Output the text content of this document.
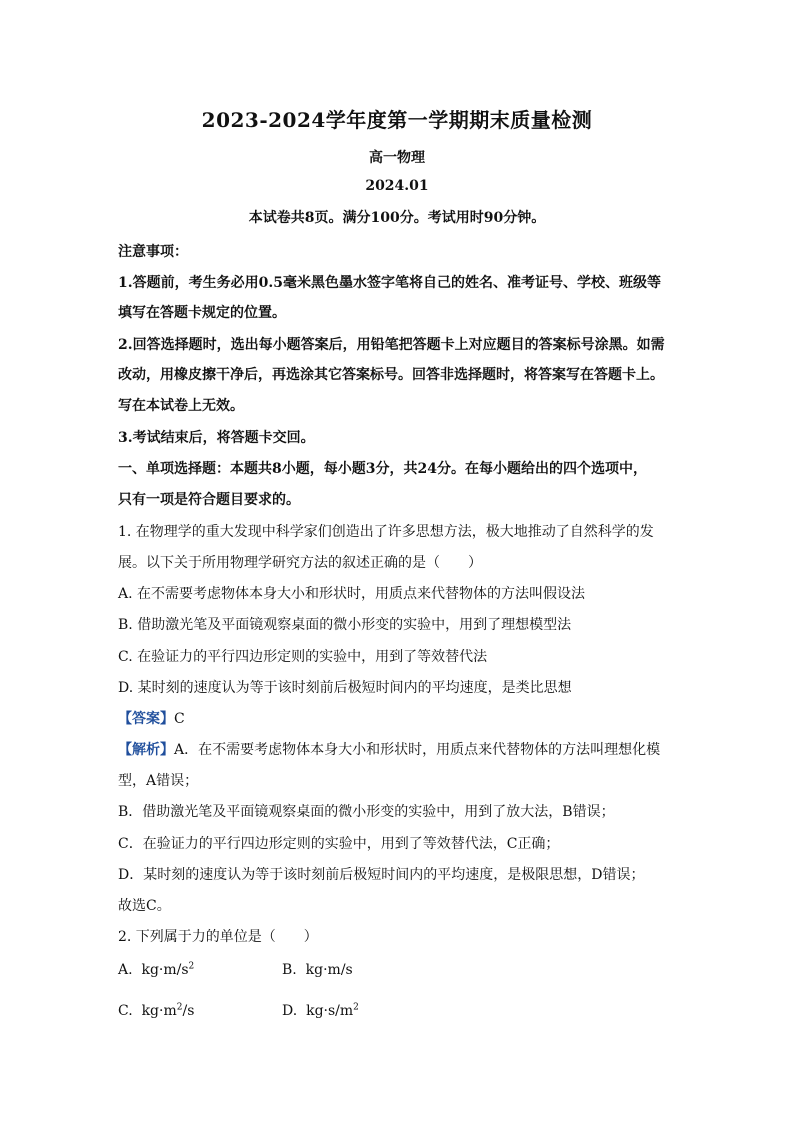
2023-2024学年度第一学期期末质量检测
高一物理
2024.01
本试卷共8页。满分100分。考试用时90分钟。
注意事项：
1.答题前，考生务必用0.5毫米黑色墨水签字笔将自己的姓名、准考证号、学校、班级等
填写在答题卡规定的位置。
2.回答选择题时，选出每小题答案后，用铅笔把答题卡上对应题目的答案标号涂黑。如需
改动，用橡皮擦干净后，再选涂其它答案标号。回答非选择题时，将答案写在答题卡上。
写在本试卷上无效。
3.考试结束后，将答题卡交回。
一、单项选择题：本题共8小题，每小题3分，共24分。在每小题给出的四个选项中，
只有一项是符合题目要求的。
1. 在物理学的重大发现中科学家们创造出了许多思想方法，极大地推动了自然科学的发
展。以下关于所用物理学研究方法的叙述正确的是（　　）
A. 在不需要考虑物体本身大小和形状时，用质点来代替物体的方法叫假设法
B. 借助激光笔及平面镜观察桌面的微小形变的实验中，用到了理想模型法
C. 在验证力的平行四边形定则的实验中，用到了等效替代法
D. 某时刻的速度认为等于该时刻前后极短时间内的平均速度，是类比思想
【答案】C
【解析】A．在不需要考虑物体本身大小和形状时，用质点来代替物体的方法叫理想化模
型，A错误；
B．借助激光笔及平面镜观察桌面的微小形变的实验中，用到了放大法，B错误；
C．在验证力的平行四边形定则的实验中，用到了等效替代法，C正确；
D．某时刻的速度认为等于该时刻前后极短时间内的平均速度，是极限思想，D错误；
故选C。
2. 下列属于力的单位是（　　）
A. $kg\cdot m/s^2$	B. kg·m/s
C. $kg\cdot m^2/s$	D. $kg\cdot s/m^2$
